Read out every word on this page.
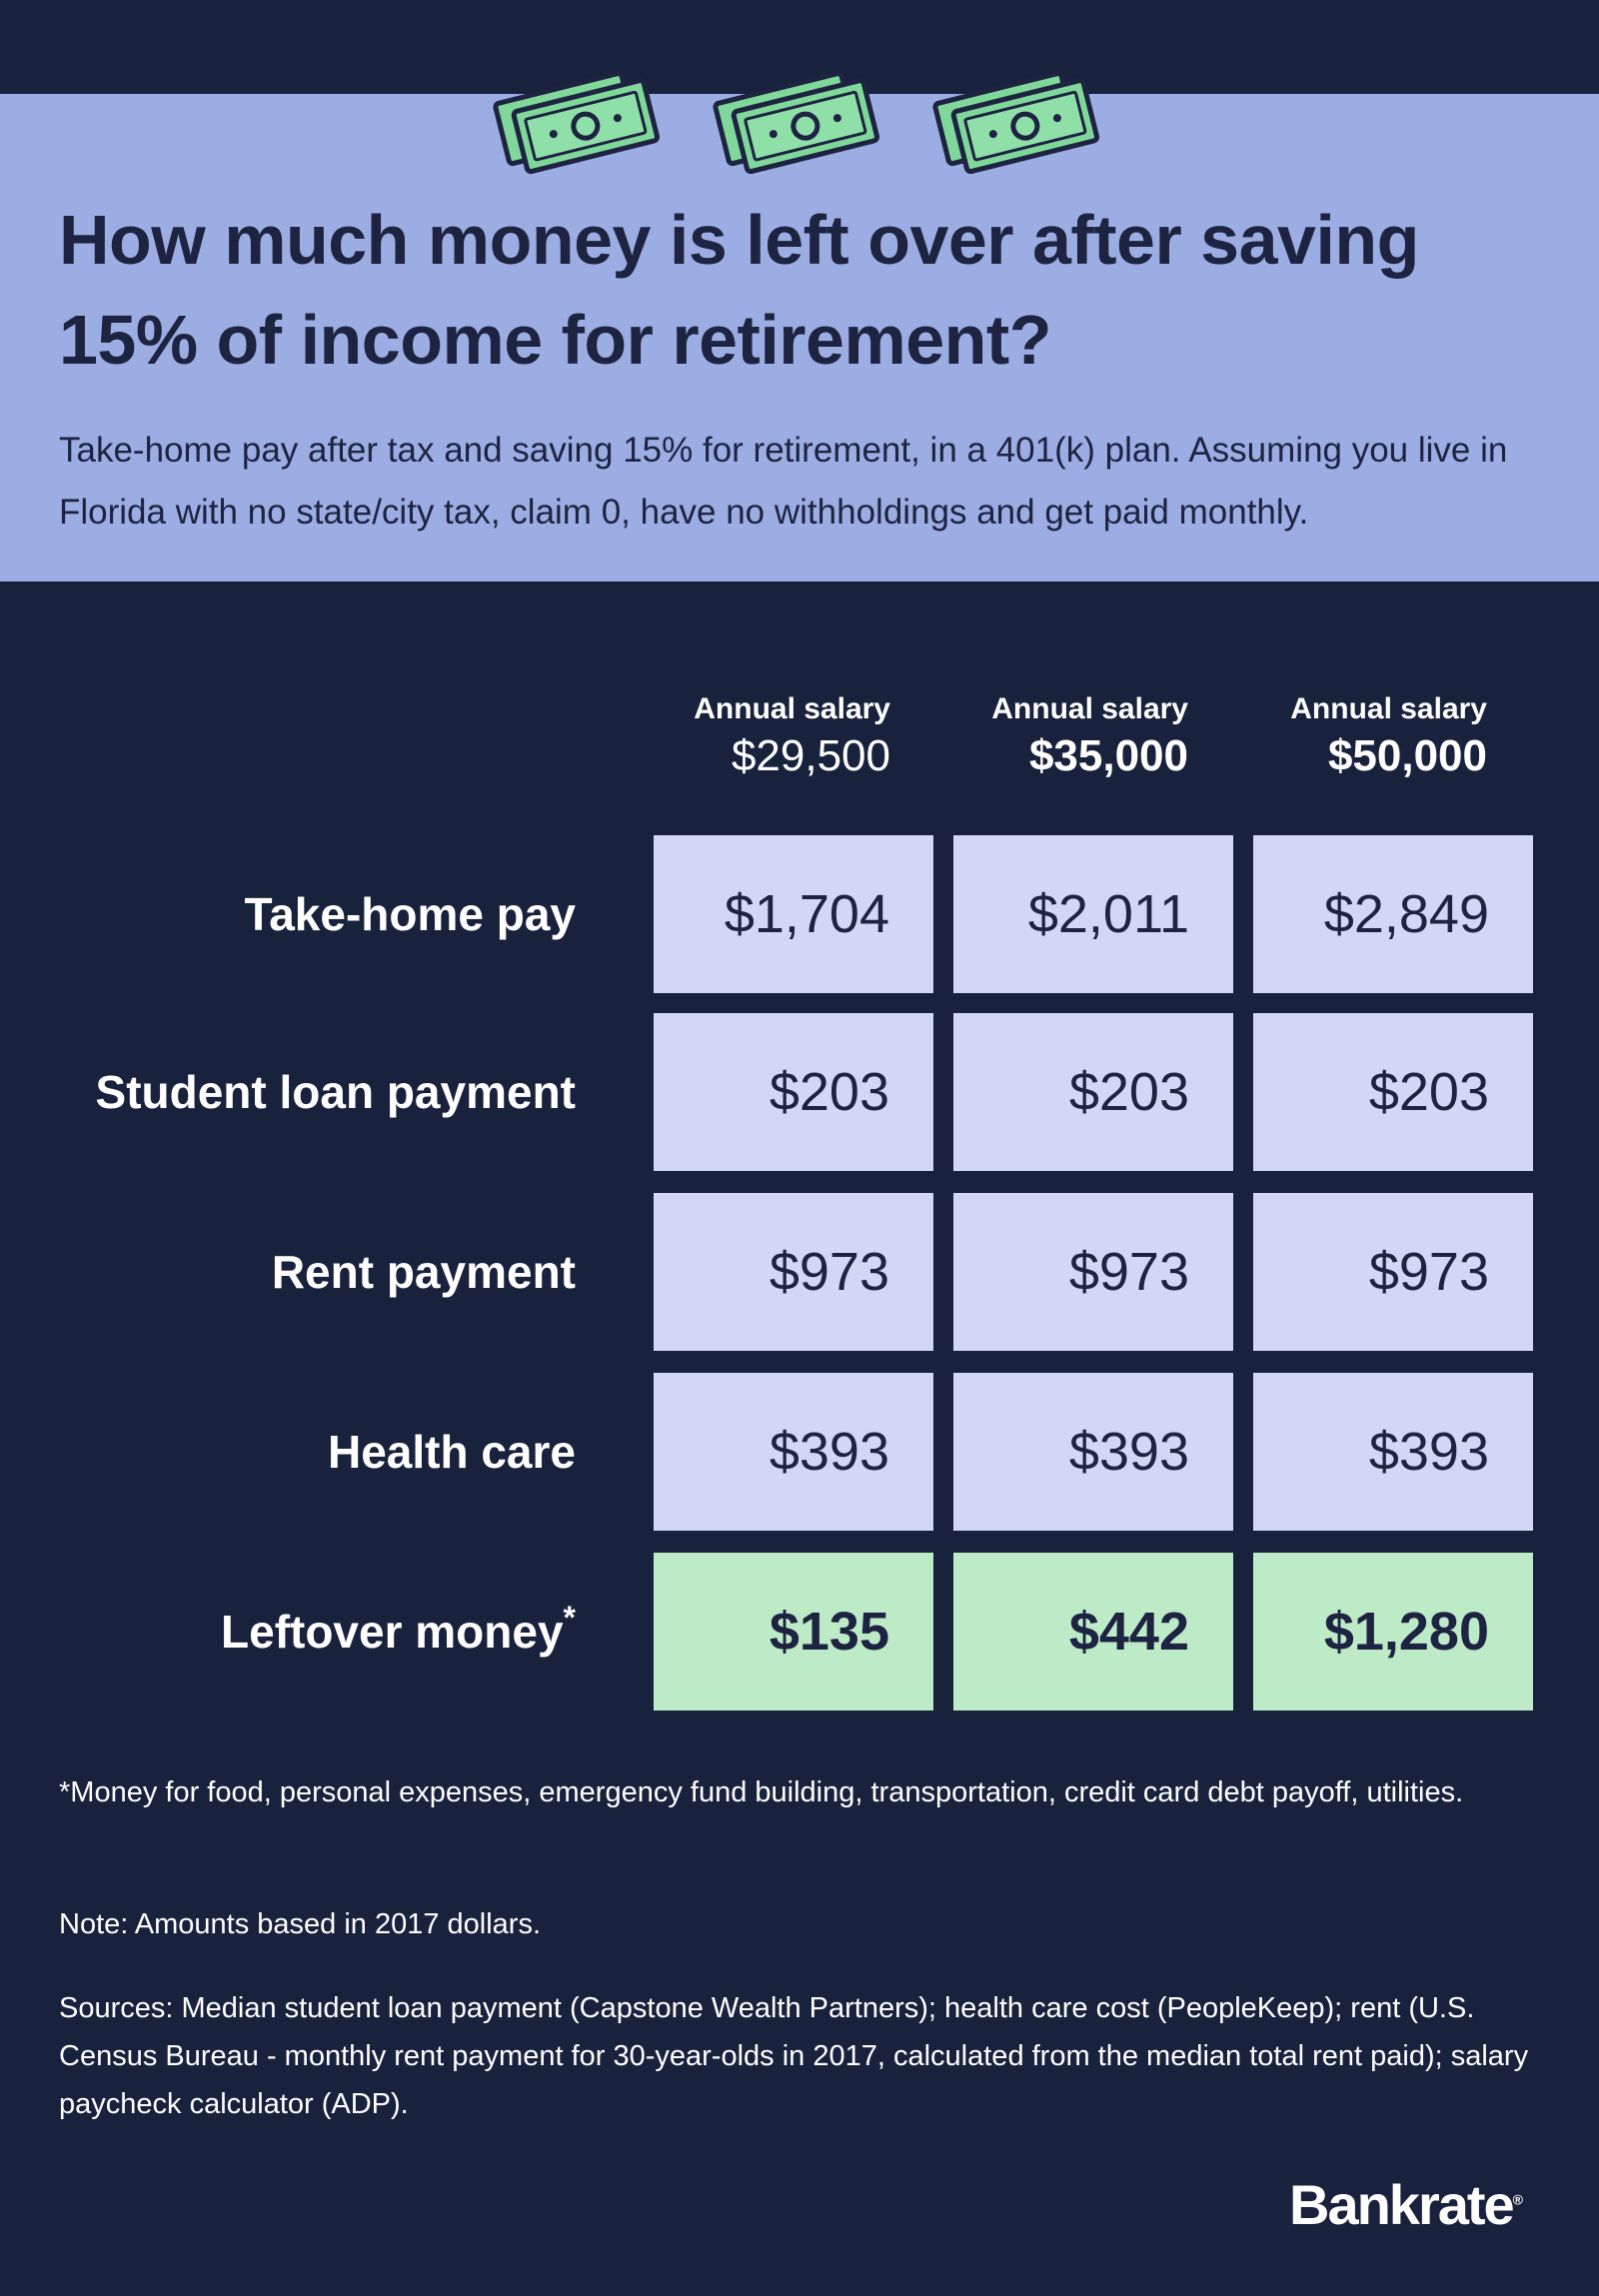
How much money is left over after saving 15% of income for retirement?
Take-home pay after tax and saving 15% for retirement, in a 401(k) plan. Assuming you live in Florida with no state/city tax, claim 0, have no withholdings and get paid monthly.
Annual salary
$29,500
Annual salary
$35,000
Annual salary
$50,000
Take-home pay	$1,704	$2,011	$2,849
Student loan payment	$203	$203	$203
Rent payment	$973	$973	$973
Health care	$393	$393	$393
Leftover money*	$135	$442	$1,280
*Money for food, personal expenses, emergency fund building, transportation, credit card debt payoff, utilities.
Note: Amounts based in 2017 dollars.
Sources: Median student loan payment (Capstone Wealth Partners); health care cost (PeopleKeep); rent (U.S. Census Bureau - monthly rent payment for 30-year-olds in 2017, calculated from the median total rent paid); salary paycheck calculator (ADP).
Bankrate®
